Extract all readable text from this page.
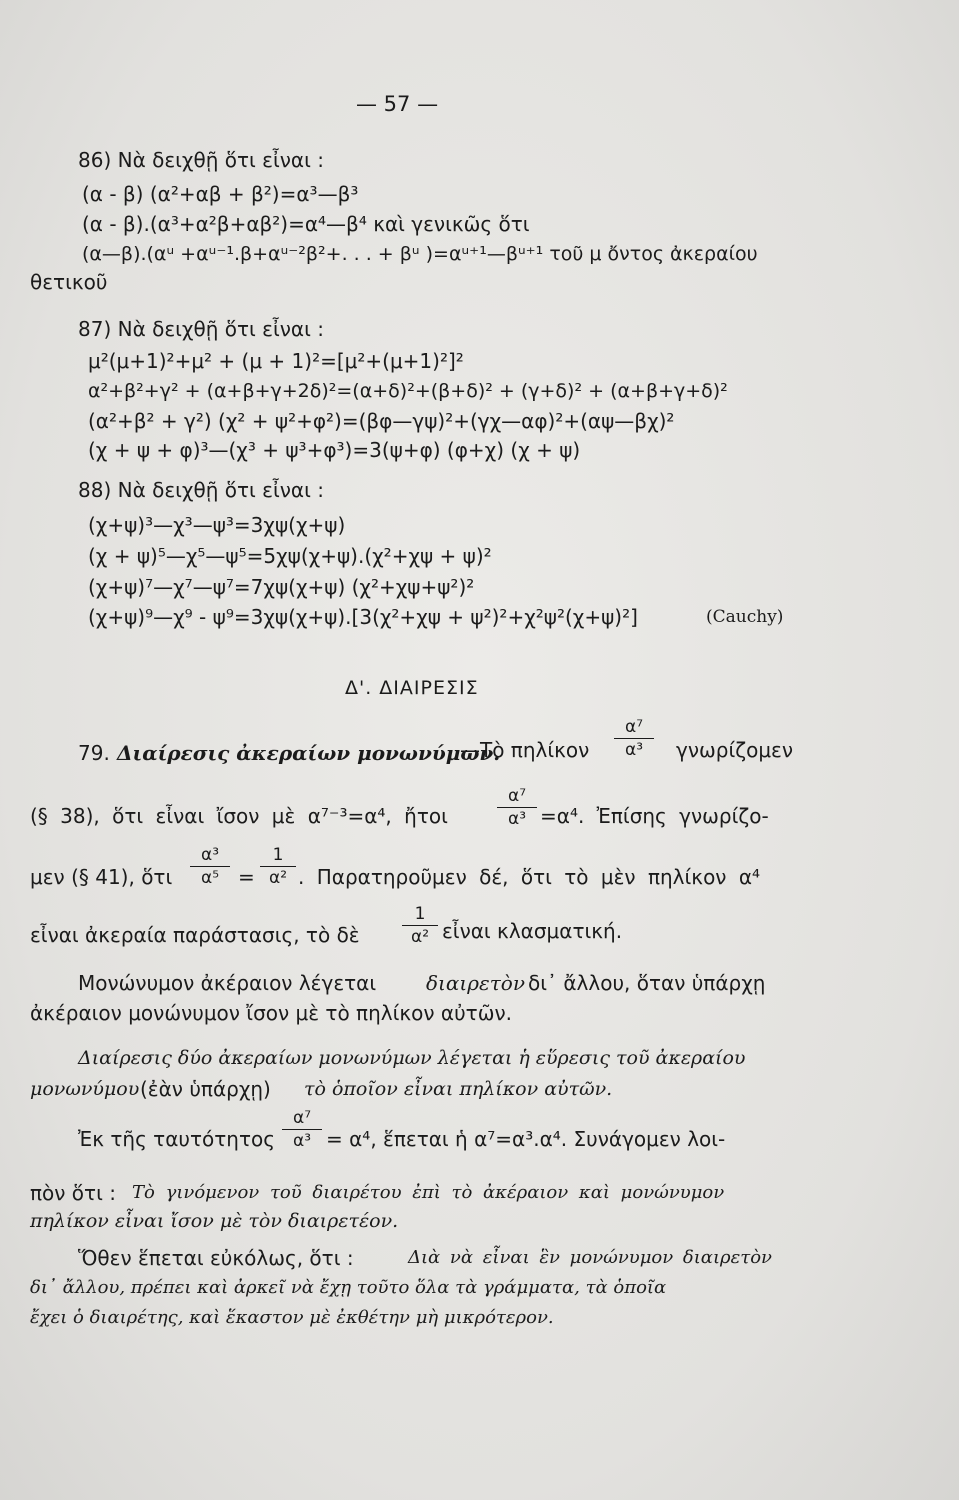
— 57 —
86) Νὰ δειχθῇ ὅτι εἶναι :
(α - β) (α²+αβ + β²)=α³—β³
(α - β).(α³+α²β+αβ²)=α⁴—β⁴ καὶ γενικῶς ὅτι
(α—β).(αᵘ +αᵘ⁻¹.β+αᵘ⁻²β²+. . . + βᵘ )=αᵘ⁺¹—βᵘ⁺¹ τοῦ μ ὄντος ἀκεραίου
θετικοῦ
87) Νὰ δειχθῇ ὅτι εἶναι :
μ²(μ+1)²+μ² + (μ + 1)²=[μ²+(μ+1)²]²
α²+β²+γ² + (α+β+γ+2δ)²=(α+δ)²+(β+δ)² + (γ+δ)² + (α+β+γ+δ)²
(α²+β² + γ²) (χ² + ψ²+φ²)=(βφ—γψ)²+(γχ—αφ)²+(αψ—βχ)²
(χ + ψ + φ)³—(χ³ + ψ³+φ³)=3(ψ+φ) (φ+χ) (χ + ψ)
88) Νὰ δειχθῇ ὅτι εἶναι :
(χ+ψ)³—χ³—ψ³=3χψ(χ+ψ)
(χ + ψ)⁵—χ⁵—ψ⁵=5χψ(χ+ψ).(χ²+χψ + ψ)²
(χ+ψ)⁷—χ⁷—ψ⁷=7χψ(χ+ψ) (χ²+χψ+ψ²)²
(χ+ψ)⁹—χ⁹ - ψ⁹=3χψ(χ+ψ).[3(χ²+χψ + ψ²)²+χ²ψ²(χ+ψ)²]	(Cauchy)
Δ'. ΔΙΑΙΡΕΣΙΣ
79. Διαίρεσις ἀκεραίων μονωνύμων.
—Τὸ πηλίκον
α⁷
α³	γνωρίζομεν
(§ 38), ὅτι εἶναι ἴσον μὲ α⁷⁻³=α⁴, ἤτοι
α⁷
α³ =α⁴. Ἐπίσης γνωρίζο-
μεν (§ 41), ὅτι
α³
α⁵ =
1
α² . Παρατηροῦμεν δέ, ὅτι τὸ μὲν πηλίκον α⁴
εἶναι ἀκεραία παράστασις, τὸ δὲ
1
α² εἶναι κλασματική.
Μονώνυμον ἀκέραιον λέγεται διαιρετὸν δι᾽ ἄλλου, ὅταν ὑπάρχῃ
ἀκέραιον μονώνυμον ἴσον μὲ τὸ πηλίκον αὐτῶν.
Διαίρεσις δύο ἀκεραίων μονωνύμων λέγεται ἡ εὕρεσις τοῦ ἀκεραίου
μονωνύμου (ἐὰν ὑπάρχῃ) τὸ ὁποῖον εἶναι πηλίκον αὐτῶν.
Ἐκ τῆς ταυτότητος
α⁷
α³ = α⁴, ἕπεται ἡ α⁷=α³.α⁴. Συνάγομεν λοι-
πὸν ὅτι : Τὸ γινόμενον τοῦ διαιρέτου ἐπὶ τὸ ἀκέραιον καὶ μονώνυμον
πηλίκον εἶναι ἴσον μὲ τὸν διαιρετέον.
Ὅθεν ἕπεται εὐκόλως, ὅτι :	Διὰ νὰ εἶναι ἓν μονώνυμον διαιρετὸν
δι᾽ ἄλλου, πρέπει καὶ ἀρκεῖ νὰ ἔχῃ τοῦτο ὅλα τὰ γράμματα, τὰ ὁποῖα
ἔχει ὁ διαιρέτης, καὶ ἕκαστον μὲ ἐκθέτην μὴ μικρότερον.
